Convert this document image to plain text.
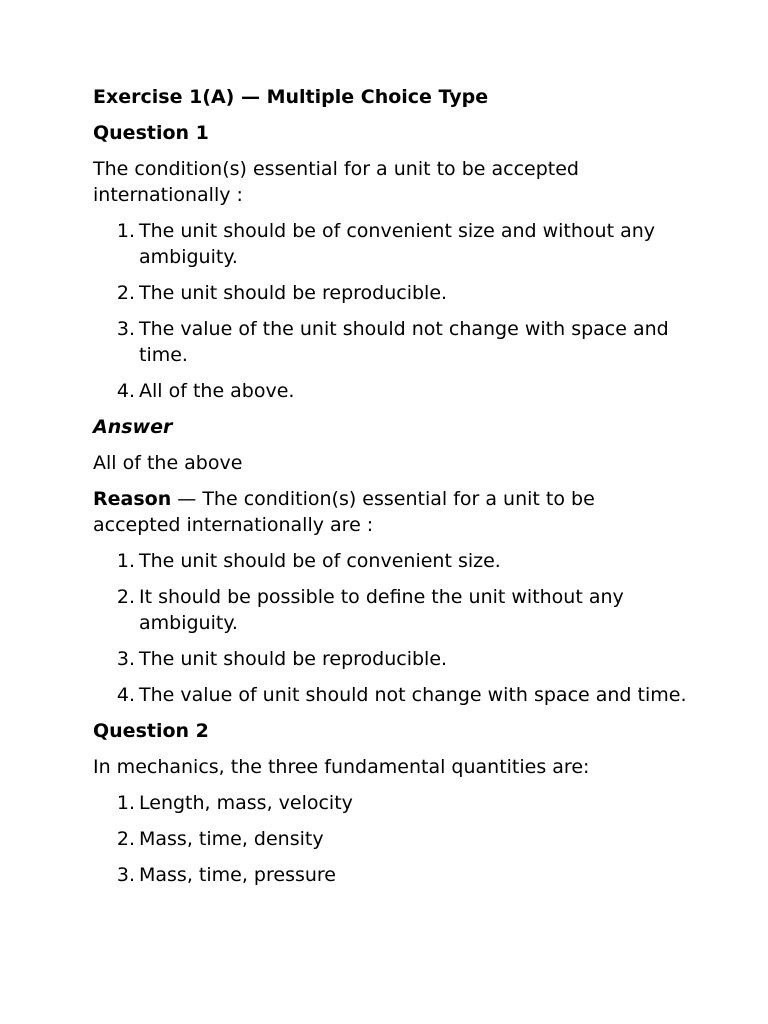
Exercise 1(A) — Multiple Choice Type

Question 1

The condition(s) essential for a unit to be accepted internationally :

1. The unit should be of convenient size and without any ambiguity.
2. The unit should be reproducible.
3. The value of the unit should not change with space and time.
4. All of the above.

Answer

All of the above

Reason — The condition(s) essential for a unit to be accepted internationally are :

1. The unit should be of convenient size.
2. It should be possible to define the unit without any ambiguity.
3. The unit should be reproducible.
4. The value of unit should not change with space and time.

Question 2

In mechanics, the three fundamental quantities are:

1. Length, mass, velocity
2. Mass, time, density
3. Mass, time, pressure
